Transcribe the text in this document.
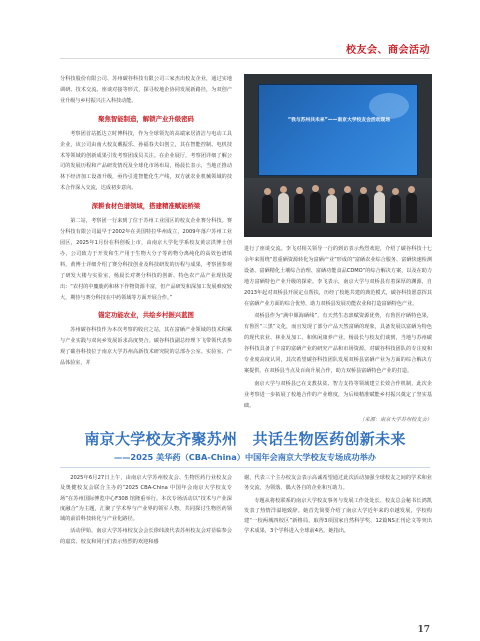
校友会、商会活动

分科技股份有限公司、苏州碳谷科技有限公司三家杰出校友企业，通过实地调研、技术交流、座谈对接等形式，探寻校地企协同发展新路径，为双创产业升级与乡村振兴注入科技动能。

聚焦智能制造，解锁产业升级密码

考察团首站抵达立时博科技，作为全球领先的高端家居清洁与电动工具企业，该公司由南大校友戴振乐、孙福春夫妇创立，其在智能控制、电机技术等领域的创新成果引发考察团成员关注。在企业展厅，考察团详细了解公司的发展历程和产品研发情况及全球化市场布局，杨晨长表示，当地正推动林下经济加工设备升级，亟待引进智能化生产线，双方就农业机械领域的技术合作深入交流，达成初步意向。

深耕食材色谱领域，搭建精准赋能桥梁

第二站，考察团一行来到了位于苏州工业园区的校友企业赛分科技。赛分科技有限公司最早于2002年在美国特拉华州成立，2009年落户苏州工业园区，2025年1月份在科创板上市，由南京大学化学系校友黄宗洪博士创办，公司致力于开发和生产用于生物大分子等药物分离纯化的高效色谱填料。黄博士详细介绍了赛分科技创业及科技研发的历程与成果，考察团参观了研发大楼与实验室，杨晨长对赛分科技的创新、特色农产品产业现状提出：“农村的中麋鹿药和林下作物资源丰富，但产品研发和深加工发展难度较大，期待与赛分科技在中药领域等方面开展合作。”

锚定功能农业，共绘乡村振兴蓝图

苏州碳谷科技作为本次考察的收官之站，其在富硒产业领域的技术积累与产业实践与双向乡发展诉求高度契合。碳谷科技副总经理卞飞带领代表参观了碳谷科技位于南京大学苏州高新技术研究院的总部办公室、实验室、产品体验室，并

“我与苏州共未来”——南京大学校友会活动现场

进行了座谈交流。李飞对相关领导一行的到访表示热烈欢迎，介绍了碳谷科技十七余年来围绕“恩重硒资源转化为富硒产业”形成的“富硒农业综合服务、富硒快速检测设备、富硒精化土壤综合治理、富硒功能食品CDMO”的综合解决方案，以及在助力地方富硒特色产业升级的探索。李飞表示，南京大学与双桥县有着深厚的渊源，自2013年起对双桥县开展定点帮扶，历经了校地共建的典范模式，碳谷科技愿意挥其在富硒产业方面的综合优势，助力双桥县发展功能农业和打造富硒特色产业。

双桥县作为“满中塬海硒线”，有天然生态禀赋资源优势，有鲁医疗硒特色果，有鲁医“三黑”文化，而且发现了部分产品天然富硒的现象，具备发展以富硒为特色的现代农业、林业及加工、和休闲康养产业。杨晨长与校友们谈到，当地与苏州碳谷科技具备了丰富的富硒产业的研究产品和市场资源，对碳谷科技团队的专注度和专业度高度认同，其次希望碳谷科技团队发展双桥县富硒产业为方面的综合解决方案提供，在双桥县当点及百商升展合作，助力双桥县富硒特色产业的打造。

南京大学与双桥县已在支教扶贫、智力支持等领域建立长效合作机制，此次企业考察进一步拓展了校地合作的产业维度，为后续精准赋能乡村振兴奠定了坚实基础。

（来源：南京大学苏州校友会）
南京大学校友齐聚苏州　共话生物医药创新未来
——2025 美华药（CBA-China）中国年会南京大学校友专场成功举办

2025年6月27日上午，由南京大学苏州校友会、生物医药行业校友会及奥健校友会联合主办的“2025 CBA-China 中国年会南京大学校友专场”在苏州国际博览中心F308 馆隆重举行。本次专场活动以“技术与产业深度融合”为主题，汇聚了学术界与产业界的领军人物，共同探讨生物医药领域的前沿科技转化与产业化路径。

活动伊始，南京大学苏州校友会会长徐纬波代表苏州校友会对莅临参会的嘉宾、校友和同行们表示热烈的欢迎和感

谢，代表三个主办校友会表示高诚希望通过此次活动加强全球校友之间的学术和业务交流，为领落、偶大各自的企业和互助力。

专题从将校联系的南京大学校友事务与发展工作处处长、校友总会秘书长鸿凯发表了热情洋溢地致辞。她首先简要介绍了南京大学近年来的卓越发展，学校构建“一校两城四校区”新格局，取得3项国家自然科学奖、12篇NS正刊论文等突出学术成果，3个学科进入全球前4名。她指出，

17
